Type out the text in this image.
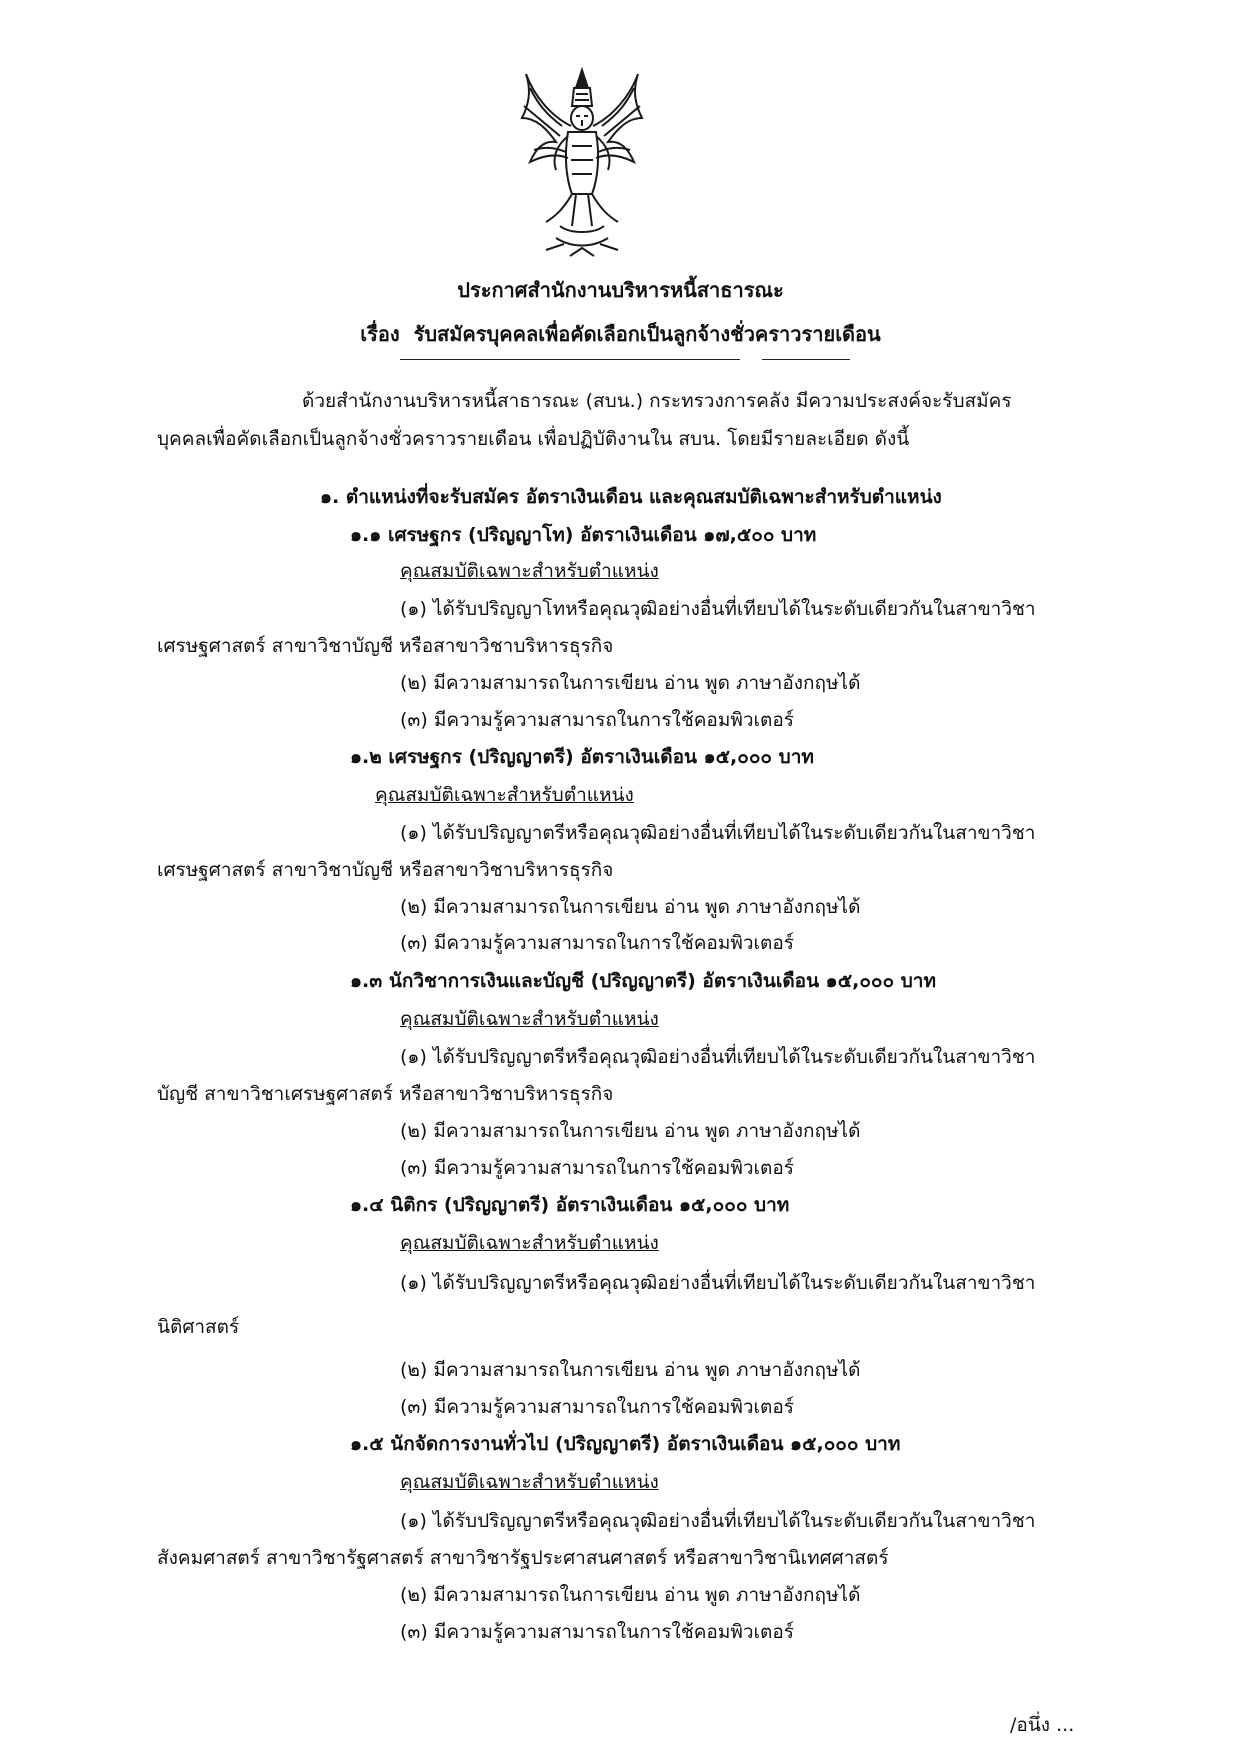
ประกาศสำนักงานบริหารหนี้สาธารณะ
เรื่อง รับสมัครบุคคลเพื่อคัดเลือกเป็นลูกจ้างชั่วคราวรายเดือน
ด้วยสำนักงานบริหารหนี้สาธารณะ (สบน.) กระทรวงการคลัง มีความประสงค์จะรับสมัคร
บุคคลเพื่อคัดเลือกเป็นลูกจ้างชั่วคราวรายเดือน เพื่อปฏิบัติงานใน สบน. โดยมีรายละเอียด ดังนี้
๑. ตำแหน่งที่จะรับสมัคร อัตราเงินเดือน และคุณสมบัติเฉพาะสำหรับตำแหน่ง
๑.๑ เศรษฐกร (ปริญญาโท) อัตราเงินเดือน ๑๗,๕๐๐ บาท
คุณสมบัติเฉพาะสำหรับตำแหน่ง
(๑) ได้รับปริญญาโทหรือคุณวุฒิอย่างอื่นที่เทียบได้ในระดับเดียวกันในสาขาวิชา
เศรษฐศาสตร์ สาขาวิชาบัญชี หรือสาขาวิชาบริหารธุรกิจ
(๒) มีความสามารถในการเขียน อ่าน พูด ภาษาอังกฤษได้
(๓) มีความรู้ความสามารถในการใช้คอมพิวเตอร์
๑.๒ เศรษฐกร (ปริญญาตรี) อัตราเงินเดือน ๑๕,๐๐๐ บาท
คุณสมบัติเฉพาะสำหรับตำแหน่ง
(๑) ได้รับปริญญาตรีหรือคุณวุฒิอย่างอื่นที่เทียบได้ในระดับเดียวกันในสาขาวิชา
เศรษฐศาสตร์ สาขาวิชาบัญชี หรือสาขาวิชาบริหารธุรกิจ
(๒) มีความสามารถในการเขียน อ่าน พูด ภาษาอังกฤษได้
(๓) มีความรู้ความสามารถในการใช้คอมพิวเตอร์
๑.๓ นักวิชาการเงินและบัญชี (ปริญญาตรี) อัตราเงินเดือน ๑๕,๐๐๐ บาท
คุณสมบัติเฉพาะสำหรับตำแหน่ง
(๑) ได้รับปริญญาตรีหรือคุณวุฒิอย่างอื่นที่เทียบได้ในระดับเดียวกันในสาขาวิชา
บัญชี สาขาวิชาเศรษฐศาสตร์ หรือสาขาวิชาบริหารธุรกิจ
(๒) มีความสามารถในการเขียน อ่าน พูด ภาษาอังกฤษได้
(๓) มีความรู้ความสามารถในการใช้คอมพิวเตอร์
๑.๔ นิติกร (ปริญญาตรี) อัตราเงินเดือน ๑๕,๐๐๐ บาท
คุณสมบัติเฉพาะสำหรับตำแหน่ง
(๑) ได้รับปริญญาตรีหรือคุณวุฒิอย่างอื่นที่เทียบได้ในระดับเดียวกันในสาขาวิชา
นิติศาสตร์
(๒) มีความสามารถในการเขียน อ่าน พูด ภาษาอังกฤษได้
(๓) มีความรู้ความสามารถในการใช้คอมพิวเตอร์
๑.๕ นักจัดการงานทั่วไป (ปริญญาตรี) อัตราเงินเดือน ๑๕,๐๐๐ บาท
คุณสมบัติเฉพาะสำหรับตำแหน่ง
(๑) ได้รับปริญญาตรีหรือคุณวุฒิอย่างอื่นที่เทียบได้ในระดับเดียวกันในสาขาวิชา
สังคมศาสตร์ สาขาวิชารัฐศาสตร์ สาขาวิชารัฐประศาสนศาสตร์ หรือสาขาวิชานิเทศศาสตร์
(๒) มีความสามารถในการเขียน อ่าน พูด ภาษาอังกฤษได้
(๓) มีความรู้ความสามารถในการใช้คอมพิวเตอร์
/อนึ่ง ...
